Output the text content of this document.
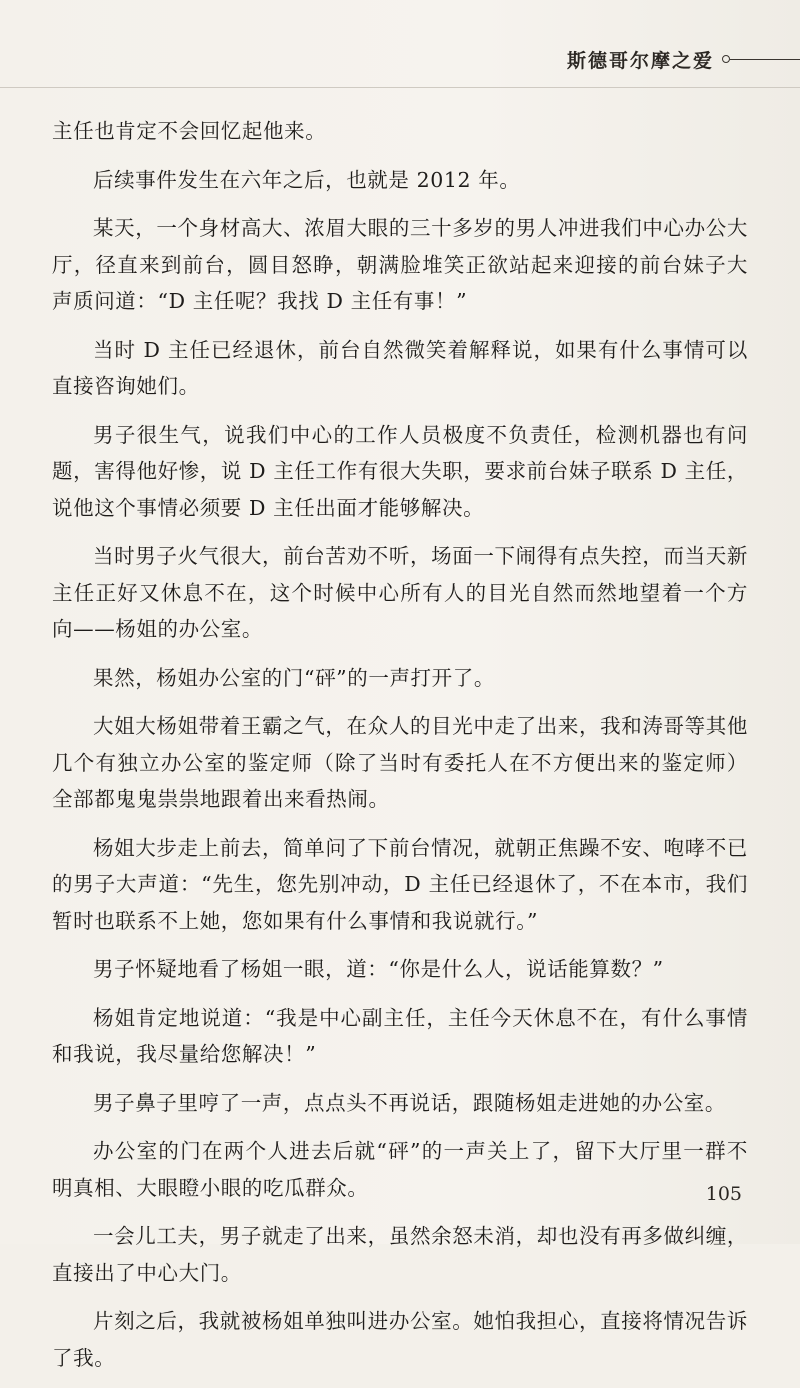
斯德哥尔摩之爱

主任也肯定不会回忆起他来。

后续事件发生在六年之后，也就是 2012 年。

某天，一个身材高大、浓眉大眼的三十多岁的男人冲进我们中心办公大厅，径直来到前台，圆目怒睁，朝满脸堆笑正欲站起来迎接的前台妹子大声质问道：“D 主任呢？我找 D 主任有事！”

当时 D 主任已经退休，前台自然微笑着解释说，如果有什么事情可以直接咨询她们。

男子很生气，说我们中心的工作人员极度不负责任，检测机器也有问题，害得他好惨，说 D 主任工作有很大失职，要求前台妹子联系 D 主任，说他这个事情必须要 D 主任出面才能够解决。

当时男子火气很大，前台苦劝不听，场面一下闹得有点失控，而当天新主任正好又休息不在，这个时候中心所有人的目光自然而然地望着一个方向——杨姐的办公室。

果然，杨姐办公室的门“砰”的一声打开了。

大姐大杨姐带着王霸之气，在众人的目光中走了出来，我和涛哥等其他几个有独立办公室的鉴定师（除了当时有委托人在不方便出来的鉴定师）全部都鬼鬼祟祟地跟着出来看热闹。

杨姐大步走上前去，简单问了下前台情况，就朝正焦躁不安、咆哮不已的男子大声道：“先生，您先别冲动，D 主任已经退休了，不在本市，我们暂时也联系不上她，您如果有什么事情和我说就行。”

男子怀疑地看了杨姐一眼，道：“你是什么人，说话能算数？”

杨姐肯定地说道：“我是中心副主任，主任今天休息不在，有什么事情和我说，我尽量给您解决！”

男子鼻子里哼了一声，点点头不再说话，跟随杨姐走进她的办公室。

办公室的门在两个人进去后就“砰”的一声关上了，留下大厅里一群不明真相、大眼瞪小眼的吃瓜群众。

一会儿工夫，男子就走了出来，虽然余怒未消，却也没有再多做纠缠，直接出了中心大门。

片刻之后，我就被杨姐单独叫进办公室。她怕我担心，直接将情况告诉了我。

105
